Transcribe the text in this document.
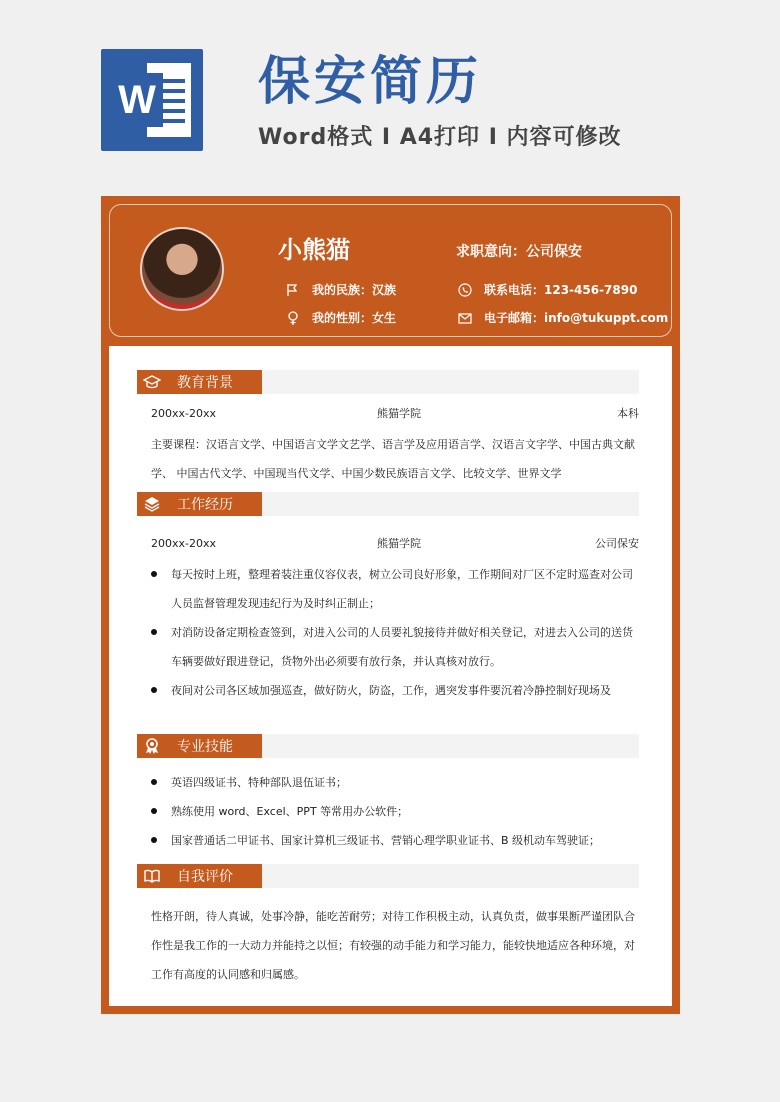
W 保安简历
Word格式 I A4打印 I 内容可修改
小熊猫	求职意向：公司保安
我的民族：汉族
我的性别：女生
联系电话：123-456-7890
电子邮箱：info@tukuppt.com
教育背景
200xx-20xx	熊猫学院	本科
主要课程：汉语言文学、中国语言文学文艺学、语言学及应用语言学、汉语言文字学、中国古典文献学、 中国古代文学、中国现当代文学、中国少数民族语言文学、比较文学、世界文学
工作经历
200xx-20xx	熊猫学院	公司保安
每天按时上班，整理着装注重仪容仪表，树立公司良好形象，工作期间对厂区不定时巡查对公司人员监督管理发现违纪行为及时纠正制止；
对消防设备定期检查签到，对进入公司的人员要礼貌接待并做好相关登记，对进去入公司的送货车辆要做好跟进登记，货物外出必须要有放行条，并认真核对放行。
夜间对公司各区域加强巡查，做好防火，防盗，工作，遇突发事件要沉着冷静控制好现场及
专业技能
英语四级证书、特种部队退伍证书；
熟练使用 word、Excel、PPT 等常用办公软件；
国家普通话二甲证书、国家计算机三级证书、营销心理学职业证书、B 级机动车驾驶证；
自我评价
性格开朗，待人真诚，处事冷静，能吃苦耐劳；对待工作积极主动，认真负责，做事果断严谨团队合作性是我工作的一大动力并能持之以恒；有较强的动手能力和学习能力，能较快地适应各种环境，对工作有高度的认同感和归属感。
